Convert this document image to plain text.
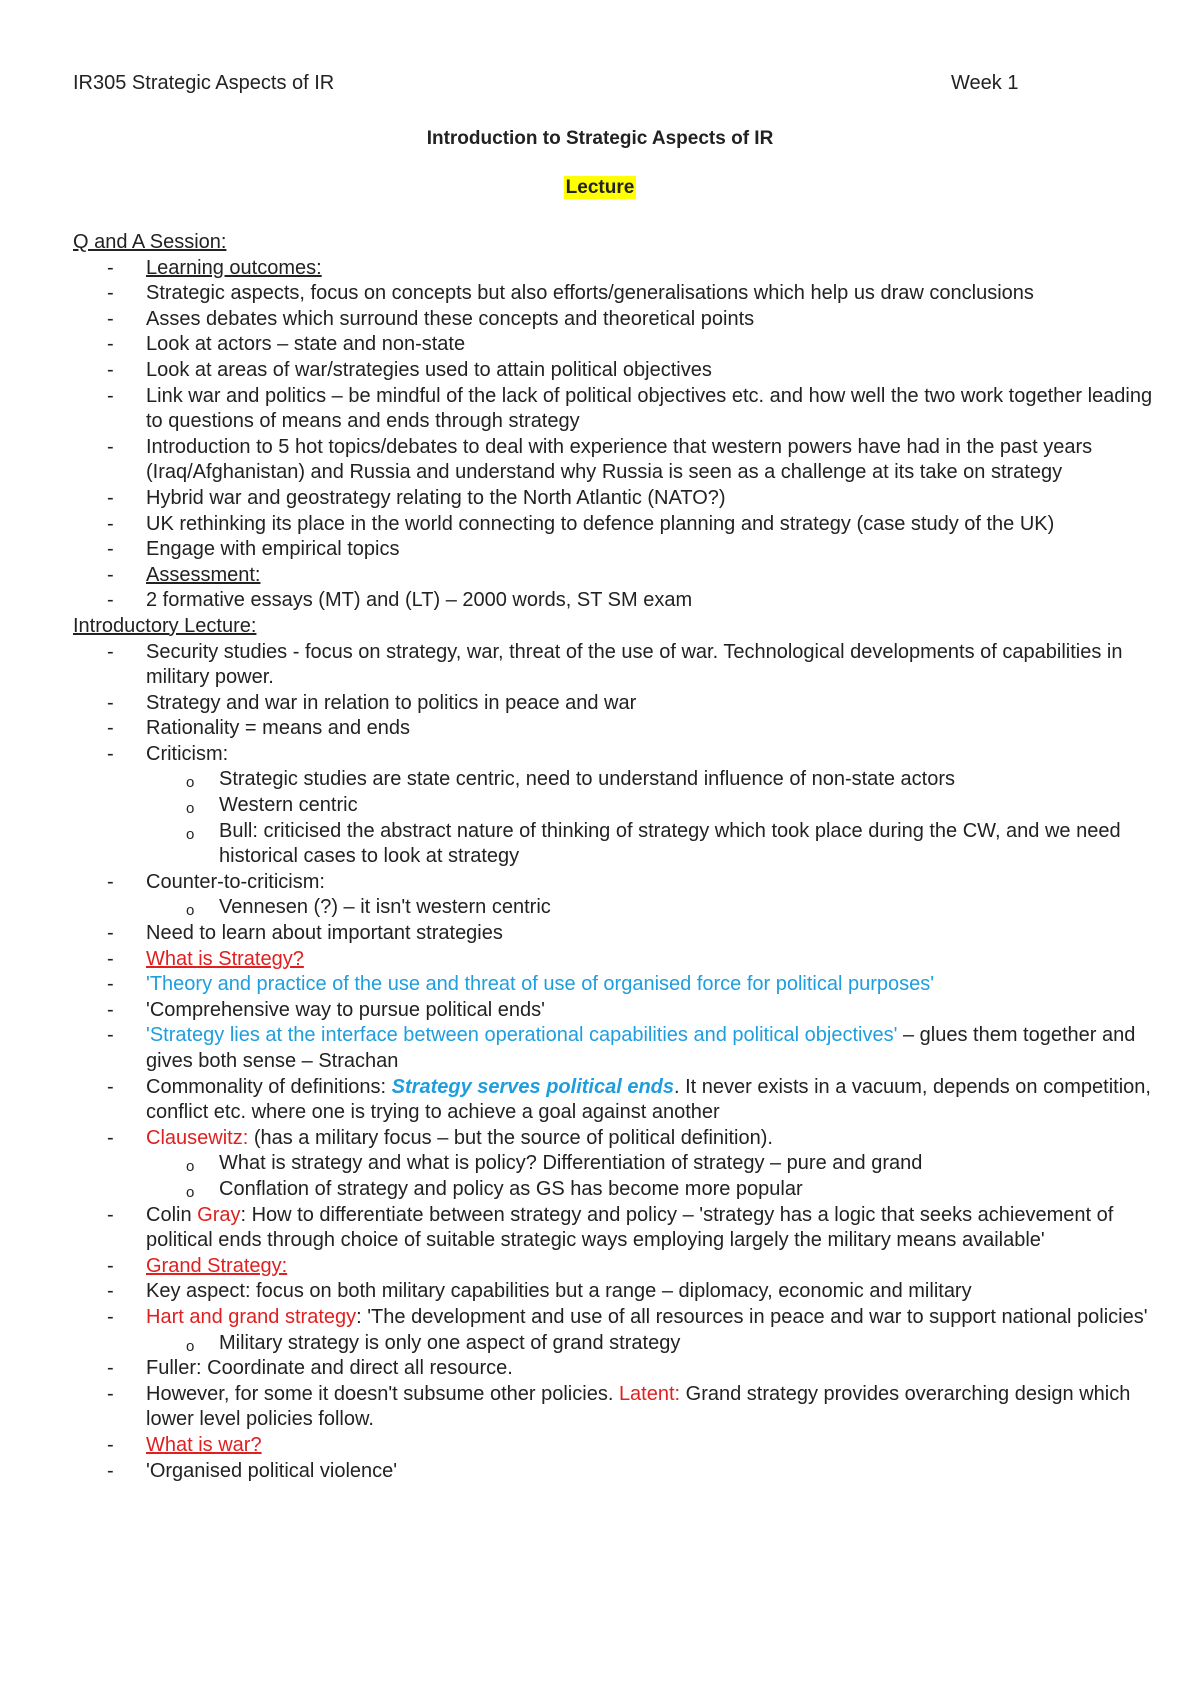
IR305 Strategic Aspects of IR	Week 1
Introduction to Strategic Aspects of IR
Lecture
Q and A Session:
- Learning outcomes:
- Strategic aspects, focus on concepts but also efforts/generalisations which help us draw conclusions
- Asses debates which surround these concepts and theoretical points
- Look at actors – state and non-state
- Look at areas of war/strategies used to attain political objectives
- Link war and politics – be mindful of the lack of political objectives etc. and how well the two work together leading to questions of means and ends through strategy
- Introduction to 5 hot topics/debates to deal with experience that western powers have had in the past years (Iraq/Afghanistan) and Russia and understand why Russia is seen as a challenge at its take on strategy
- Hybrid war and geostrategy relating to the North Atlantic (NATO?)
- UK rethinking its place in the world connecting to defence planning and strategy (case study of the UK)
- Engage with empirical topics
- Assessment:
- 2 formative essays (MT) and (LT) – 2000 words, ST SM exam
Introductory Lecture:
- Security studies - focus on strategy, war, threat of the use of war. Technological developments of capabilities in military power.
- Strategy and war in relation to politics in peace and war
- Rationality = means and ends
- Criticism:
o Strategic studies are state centric, need to understand influence of non-state actors
o Western centric
o Bull: criticised the abstract nature of thinking of strategy which took place during the CW, and we need historical cases to look at strategy
- Counter-to-criticism:
o Vennesen (?) – it isn't western centric
- Need to learn about important strategies
- What is Strategy?
- 'Theory and practice of the use and threat of use of organised force for political purposes'
- 'Comprehensive way to pursue political ends'
- 'Strategy lies at the interface between operational capabilities and political objectives' – glues them together and gives both sense – Strachan
- Commonality of definitions: Strategy serves political ends. It never exists in a vacuum, depends on competition, conflict etc. where one is trying to achieve a goal against another
- Clausewitz: (has a military focus – but the source of political definition).
o What is strategy and what is policy? Differentiation of strategy – pure and grand
o Conflation of strategy and policy as GS has become more popular
- Colin Gray: How to differentiate between strategy and policy – 'strategy has a logic that seeks achievement of political ends through choice of suitable strategic ways employing largely the military means available'
- Grand Strategy:
- Key aspect: focus on both military capabilities but a range – diplomacy, economic and military
- Hart and grand strategy: 'The development and use of all resources in peace and war to support national policies'
o Military strategy is only one aspect of grand strategy
- Fuller: Coordinate and direct all resource.
- However, for some it doesn't subsume other policies. Latent: Grand strategy provides overarching design which lower level policies follow.
- What is war?
- 'Organised political violence'
